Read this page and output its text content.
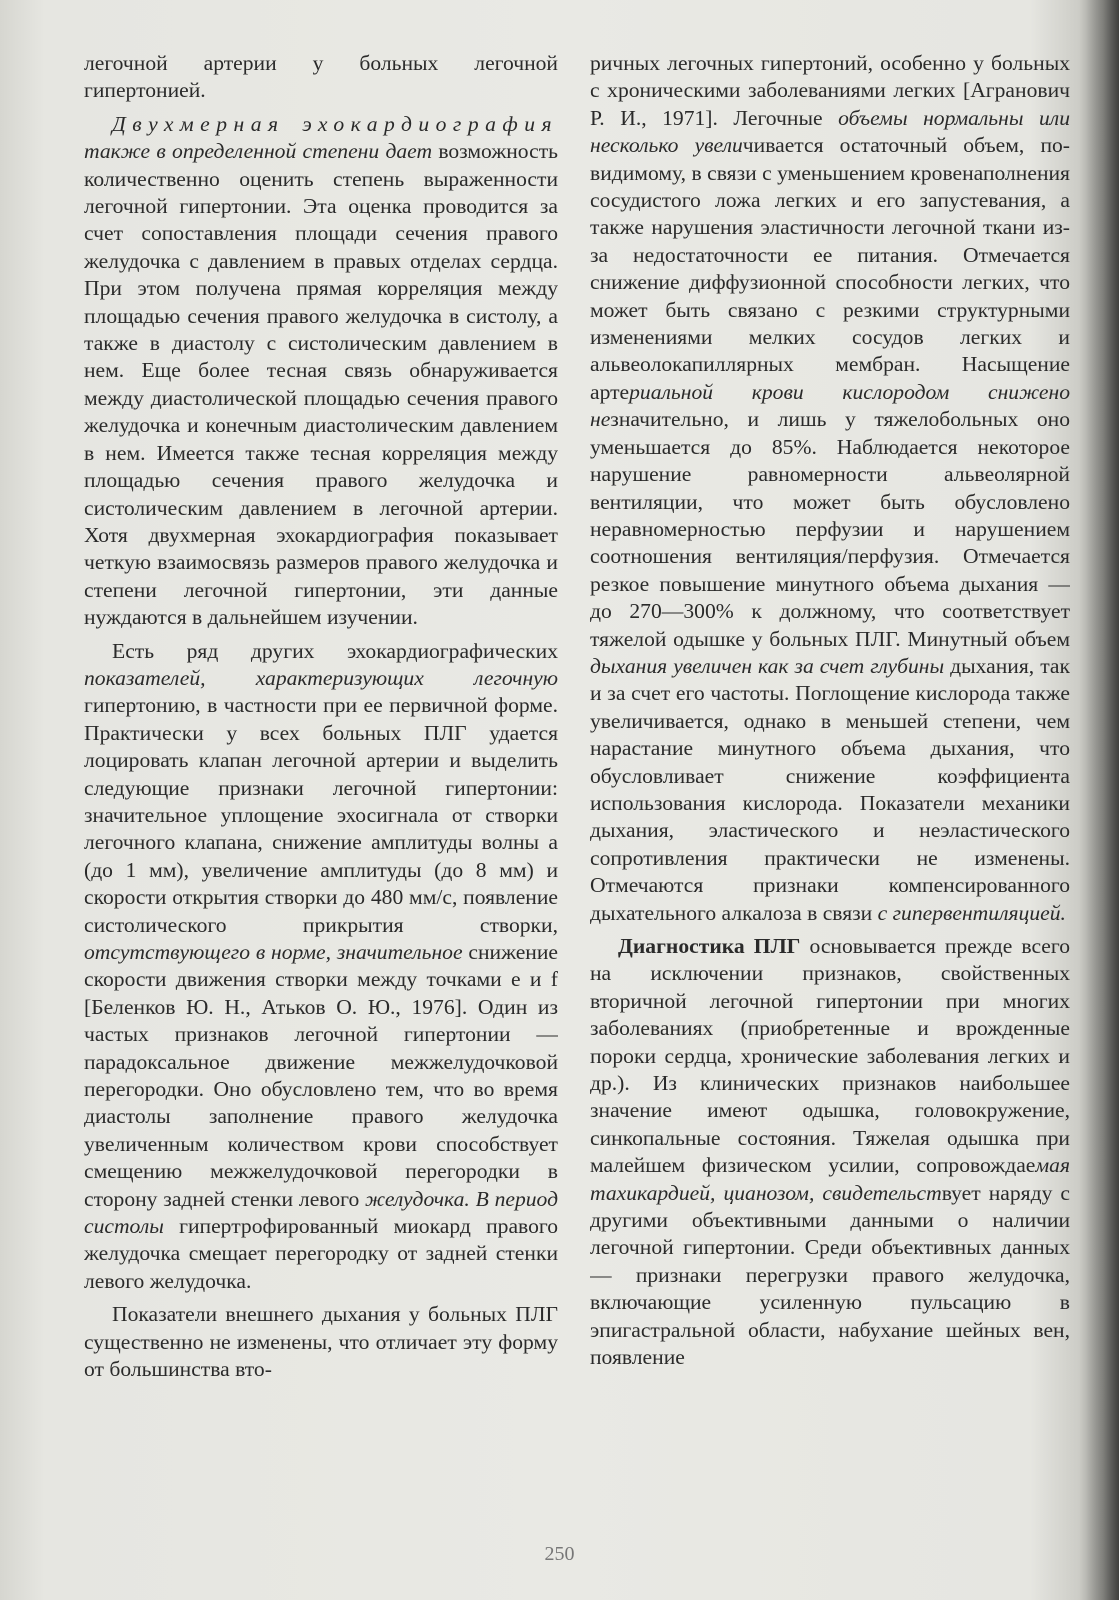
легочной артерии у больных легочной гипертонией.

Двухмерная эхокардиография также в определенной степени дает возможность количественно оценить степень выраженности легочной гипертонии. Эта оценка проводится за счет сопоставления площади сечения правого желудочка с давлением в правых отделах сердца. При этом получена прямая корреляция между площадью сечения правого желудочка в систолу, а также в диастолу с систолическим давлением в нем. Еще более тесная связь обнаруживается между диастолической площадью сечения правого желудочка и конечным диастолическим давлением в нем. Имеется также тесная корреляция между площадью сечения правого желудочка и систолическим давлением в легочной артерии. Хотя двухмерная эхокардиография показывает четкую взаимосвязь размеров правого желудочка и степени легочной гипертонии, эти данные нуждаются в дальнейшем изучении.

Есть ряд других эхокардиографических показателей, характеризующих легочную гипертонию, в частности при ее первичной форме. Практически у всех больных ПЛГ удается лоцировать клапан легочной артерии и выделить следующие признаки легочной гипертонии: значительное уплощение эхосигнала от створки легочного клапана, снижение амплитуды волны а (до 1 мм), увеличение амплитуды (до 8 мм) и скорости открытия створки до 480 мм/с, появление систолического прикрытия створки, отсутствующего в норме, значительное снижение скорости движения створки между точками е и f [Беленков Ю. Н., Атьков О. Ю., 1976]. Один из частых признаков легочной гипертонии — парадоксальное движение межжелудочковой перегородки. Оно обусловлено тем, что во время диастолы заполнение правого желудочка увеличенным количеством крови способствует смещению межжелудочковой перегородки в сторону задней стенки левого желудочка. В период систолы гипертрофированный миокард правого желудочка смещает перегородку от задней стенки левого желудочка.

Показатели внешнего дыхания у больных ПЛГ существенно не изменены, что отличает эту форму от большинства вто-

ричных легочных гипертоний, особенно у больных с хроническими заболеваниями легких [Агранович Р. И., 1971]. Легочные объемы нормальны или несколько увеличивается остаточный объем, по-видимому, в связи с уменьшением кровенаполнения сосудистого ложа легких и его запустевания, а также нарушения эластичности легочной ткани из-за недостаточности ее питания. Отмечается снижение диффузионной способности легких, что может быть связано с резкими структурными изменениями мелких сосудов легких и альвеолокапиллярных мембран. Насыщение артериальной крови кислородом снижено незначительно, и лишь у тяжелобольных оно уменьшается до 85%. Наблюдается некоторое нарушение равномерности альвеолярной вентиляции, что может быть обусловлено неравномерностью перфузии и нарушением соотношения вентиляция/перфузия. Отмечается резкое повышение минутного объема дыхания — до 270—300% к должному, что соответствует тяжелой одышке у больных ПЛГ. Минутный объем дыхания увеличен как за счет глубины дыхания, так и за счет его частоты. Поглощение кислорода также увеличивается, однако в меньшей степени, чем нарастание минутного объема дыхания, что обусловливает снижение коэффициента использования кислорода. Показатели механики дыхания, эластического и неэластического сопротивления практически не изменены. Отмечаются признаки компенсированного дыхательного алкалоза в связи с гипервентиляцией.

Диагностика ПЛГ основывается прежде всего на исключении признаков, свойственных вторичной легочной гипертонии при многих заболеваниях (приобретенные и врожденные пороки сердца, хронические заболевания легких и др.). Из клинических признаков наибольшее значение имеют одышка, головокружение, синкопальные состояния. Тяжелая одышка при малейшем физическом усилии, сопровождаемая тахикардией, цианозом, свидетельствует наряду с другими объективными данными о наличии легочной гипертонии. Среди объективных данных — признаки перегрузки правого желудочка, включающие усиленную пульсацию в эпигастральной области, набухание шейных вен, появление

250
